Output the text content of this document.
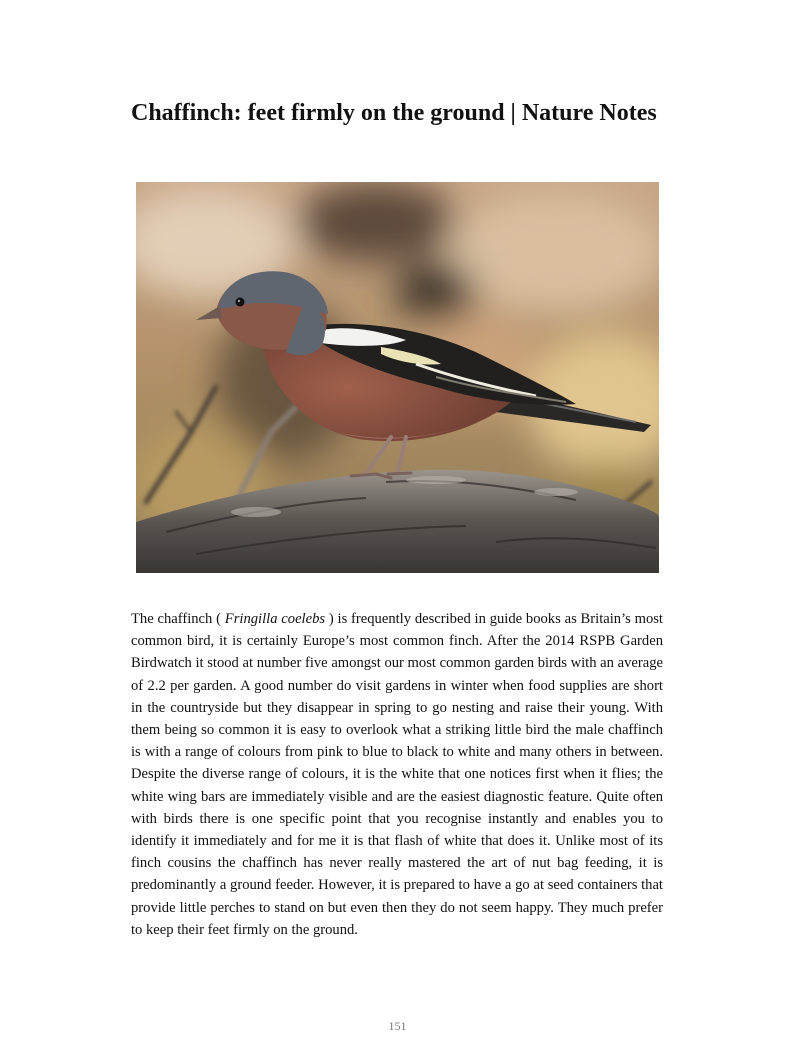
Chaffinch: feet firmly on the ground | Nature Notes

The chaffinch ( Fringilla coelebs ) is frequently described in guide books as Britain’s most common bird, it is certainly Europe’s most common finch. After the 2014 RSPB Garden Birdwatch it stood at number five amongst our most common garden birds with an average of 2.2 per garden. A good number do visit gardens in winter when food supplies are short in the countryside but they disappear in spring to go nesting and raise their young. With them being so common it is easy to overlook what a striking little bird the male chaffinch is with a range of colours from pink to blue to black to white and many others in between. Despite the diverse range of colours, it is the white that one notices first when it flies; the white wing bars are immediately visible and are the easiest diagnostic feature. Quite often with birds there is one specific point that you recognise instantly and enables you to identify it immediately and for me it is that flash of white that does it. Unlike most of its finch cousins the chaffinch has never really mastered the art of nut bag feeding, it is predominantly a ground feeder. However, it is prepared to have a go at seed containers that provide little perches to stand on but even then they do not seem happy. They much prefer to keep their feet firmly on the ground.

151
